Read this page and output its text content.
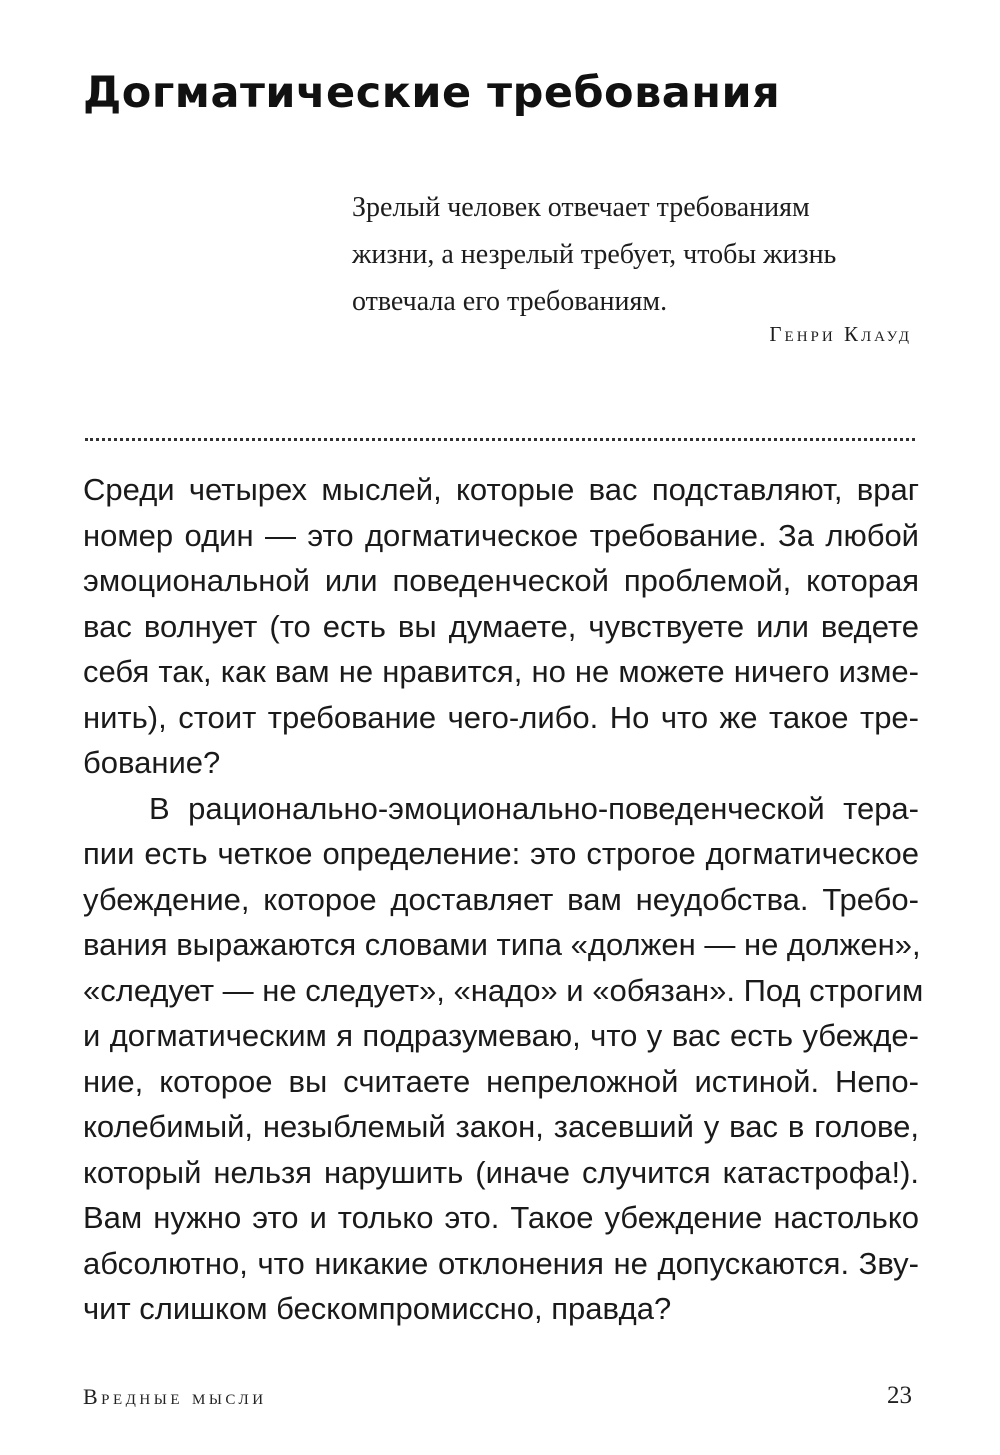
Догматические требования
Зрелый человек отвечает требованиям
жизни, а незрелый требует, чтобы жизнь
отвечала его требованиям.
Генри Клауд
Среди четырех мыслей, которые вас подставляют, враг
номер один — это догматическое требование. За любой
эмоциональной или поведенческой проблемой, которая
вас волнует (то есть вы думаете, чувствуете или ведете
себя так, как вам не нравится, но не можете ничего изме-
нить), стоит требование чего-либо. Но что же такое тре-
бование?
В рационально-эмоционально-поведенческой тера-
пии есть четкое определение: это строгое догматическое
убеждение, которое доставляет вам неудобства. Требо-
вания выражаются словами типа «должен — не должен»,
«следует — не следует», «надо» и «обязан». Под строгим
и догматическим я подразумеваю, что у вас есть убежде-
ние, которое вы считаете непреложной истиной. Непо-
колебимый, незыблемый закон, засевший у вас в голове,
который нельзя нарушить (иначе случится катастрофа!).
Вам нужно это и только это. Такое убеждение настолько
абсолютно, что никакие отклонения не допускаются. Зву-
чит слишком бескомпромиссно, правда?
Вредные мысли	23
